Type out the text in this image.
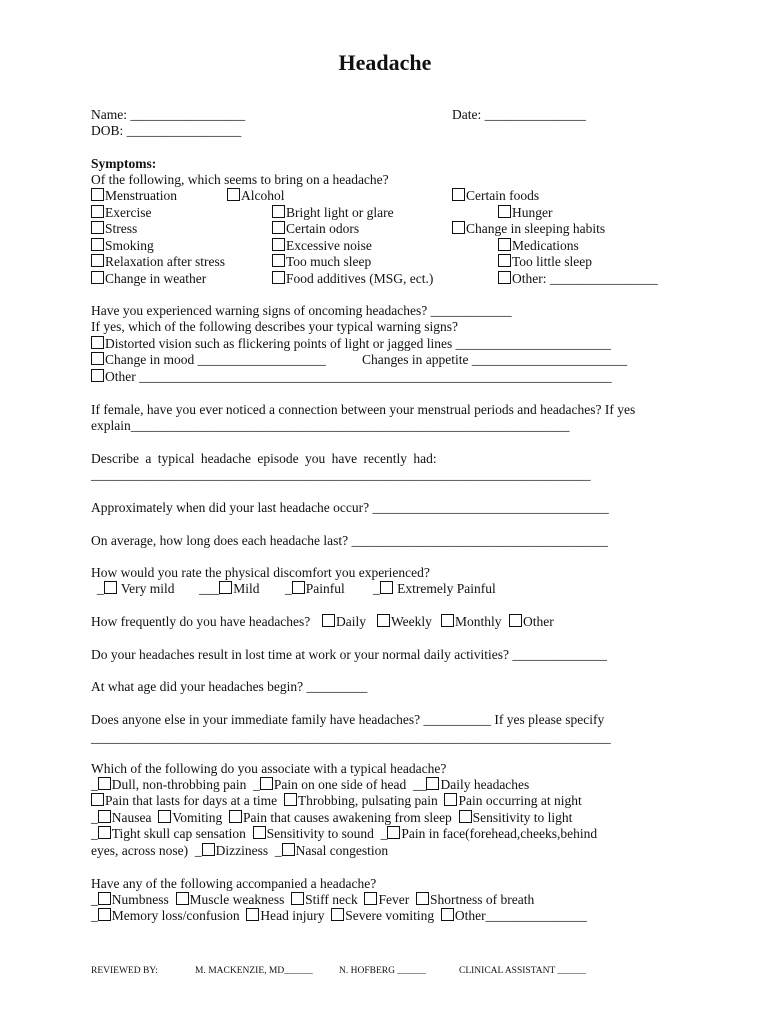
Headache
Name: _________________	Date: _______________
DOB: _________________
Symptoms:
Of the following, which seems to bring on a headache?
Menstruation	Alcohol	Certain foods
Exercise	Bright light or glare	Hunger
Stress	Certain odors	Change in sleeping habits
Smoking	Excessive noise	Medications
Relaxation after stress	Too much sleep	Too little sleep
Change in weather	Food additives (MSG, ect.)	Other: ________________
Have you experienced warning signs of oncoming headaches? ____________
If yes, which of the following describes your typical warning signs?
Distorted vision such as flickering points of light or jagged lines _______________________
Change in mood ___________________	Changes in appetite _______________________
Other ______________________________________________________________________
If female, have you ever noticed a connection between your menstrual periods and headaches? If yes
explain_________________________________________________________________
Describe a typical headache episode you have recently had:
__________________________________________________________________________
Approximately when did your last headache occur? ___________________________________
On average, how long does each headache last? ______________________________________
How would you rate the physical discomfort you experienced?
_ Very mild ___ Mild _ Painful _ Extremely Painful
How frequently do you have headaches?	Daily	Weekly	Monthly	Other
Do your headaches result in lost time at work or your normal daily activities? ______________
At what age did your headaches begin? _________
Does anyone else in your immediate family have headaches? __________ If yes please specify
_____________________________________________________________________________
Which of the following do you associate with a typical headache?
_ Dull, non-throbbing pain  _ Pain on one side of head  __ Daily headaches
Pain that lasts for days at a time Throbbing, pulsating pain Pain occurring at night
_ Nausea Vomiting Pain that causes awakening from sleep Sensitivity to light
_ Tight skull cap sensation Sensitivity to sound  _ Pain in face(forehead,cheeks,behind
eyes, across nose)  _ Dizziness  _ Nasal congestion
Have any of the following accompanied a headache?
_ Numbness Muscle weakness Stiff neck Fever Shortness of breath
_ Memory loss/confusion Head injury Severe vomiting Other_______________
REVIEWED BY:	M. MACKENZIE, MD______	N. HOFBERG ______	CLINICAL ASSISTANT ______
